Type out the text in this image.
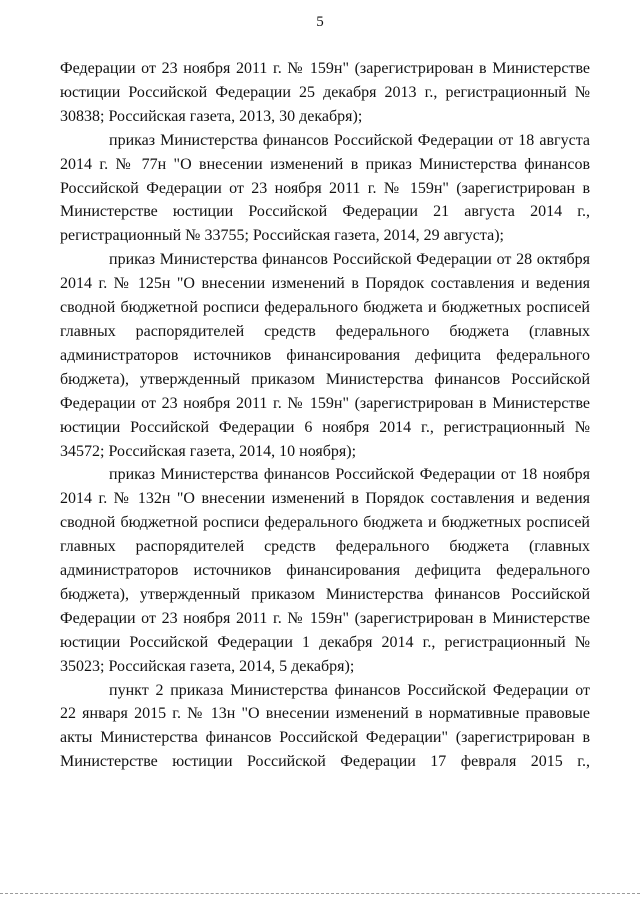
5

Федерации от 23 ноября 2011 г. № 159н" (зарегистрирован в Министерстве юстиции Российской Федерации 25 декабря 2013 г., регистрационный № 30838; Российская газета, 2013, 30 декабря);

приказ Министерства финансов Российской Федерации от 18 августа 2014 г. № 77н "О внесении изменений в приказ Министерства финансов Российской Федерации от 23 ноября 2011 г. № 159н" (зарегистрирован в Министерстве юстиции Российской Федерации 21 августа 2014 г., регистрационный № 33755; Российская газета, 2014, 29 августа);

приказ Министерства финансов Российской Федерации от 28 октября 2014 г. № 125н "О внесении изменений в Порядок составления и ведения сводной бюджетной росписи федерального бюджета и бюджетных росписей главных распорядителей средств федерального бюджета (главных администраторов источников финансирования дефицита федерального бюджета), утвержденный приказом Министерства финансов Российской Федерации от 23 ноября 2011 г. № 159н" (зарегистрирован в Министерстве юстиции Российской Федерации 6 ноября 2014 г., регистрационный № 34572; Российская газета, 2014, 10 ноября);

приказ Министерства финансов Российской Федерации от 18 ноября 2014 г. № 132н "О внесении изменений в Порядок составления и ведения сводной бюджетной росписи федерального бюджета и бюджетных росписей главных распорядителей средств федерального бюджета (главных администраторов источников финансирования дефицита федерального бюджета), утвержденный приказом Министерства финансов Российской Федерации от 23 ноября 2011 г. № 159н" (зарегистрирован в Министерстве юстиции Российской Федерации 1 декабря 2014 г., регистрационный № 35023; Российская газета, 2014, 5 декабря);

пункт 2 приказа Министерства финансов Российской Федерации от 22 января 2015 г. № 13н "О внесении изменений в нормативные правовые акты Министерства финансов Российской Федерации" (зарегистрирован в Министерстве юстиции Российской Федерации 17 февраля 2015 г.,
